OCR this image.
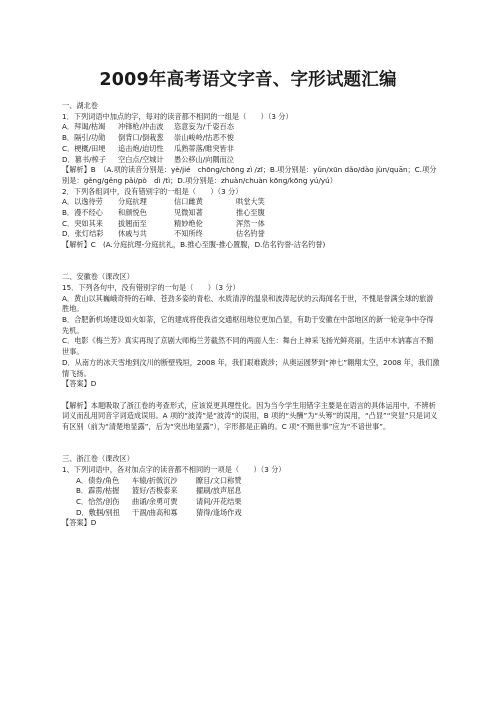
2009年高考语文字音、字形试题汇编
一、湖北卷
1．下列词语中加点的字，每对的读音都不相同的一组是（　　）（3 分）
A．拜谒/枯竭	冲锋枪/冲击波	恣意妄为/千姿百态
B．隔引/功勋	倒背口/倒栽葱	崇山峻岭/怙恶不悛
C．梗概/田埂	追击炮/迫切性	瓜熟蒂落/睢突皆非
D．篡书/榨子	空白点/空城计	愚公移山/向隅而泣
【解析】B　（A.项的读音分别是：yè/jié　chōng/chōng zì /zī；B.项分别是：yǔn/xūn dǎo/dào jùn/quān；C.项分别是：gěng/gěng pǎi/pò　dì /tì；D.项分别是：zhuàn/chuàn kōng/kōng yú/yú）
2．下列各组词中，没有错别字的一组是（　　）（3 分）
A．以逸待劳	分庭抗理	信口雌黄	哄堂大笑
B．漫不经心	和颜悦色	见微知著	推心至腹
C．突如其来	拔翘而至	精妙绝伦	浑然一体
D．张灯结彩	休戚与共	不知所终	估名钓誉
【解析】C　(A.分庭抗理-分庭抗礼，B.推心至腹-推心置腹，D.估名钓誉-沽名钓誉)
二、安徽卷（课改区）
15．下列各句中，没有错别字的一句是（　　）（3 分）
A．黄山以其巍峨奇特的石峰、苍劲多姿的青松、水质清淳的温泉和波涛起伏的云海闻名于世，不愧是誉满全球的旅游胜地。
B．合肥新机场建设如火如荼，它的建成将使我省交通枢纽地位更加凸显，有助于安徽在中部地区的新一轮竞争中夺得先机。
C．电影《梅兰芳》真实再现了京剧大师梅兰芳截然不同的两面人生：舞台上神采飞扬光鲜亮丽，生活中木讷寡言不黯世事。
D．从南方的冰天雪地到汶川的断壁残垣，2008 年，我们艰难跋涉；从奥运圆梦到“神七”翱翔太空，2008 年，我们激情飞扬。
【答案】D
【解析】本题吸取了浙江卷的考查形式，应该说更具理性化。因为当今学生用错字主要是在语言的具体运用中，不辨析词义而乱用同音字词造成误用。A 项的“波涛”是“波涛”的误用，B 项的“头酬”为“头筹”的误用，“凸显”“突显”只是词义有区别（前为“清楚地显露”，后为“突出地显露”），字形都是正确的。C 项“不黯世事”应为“不谙世事”。
三、浙江卷（课改区）
1、下列词语中，各对加点字的读音都不相同的一项是（　　）（3 分）
A．债券/角色	车辕/折戟沉沙	瞭目/文口称赞
B．霹雳/枯握	篮好/否极泰来	擢刷/放声屈息
C．恰然/创伤	曲诵/余勇可贾	请间/开花结果
D．敷掴/别扭	干涸/曲高和寡	猜得/逢场作戏
【答案】D
